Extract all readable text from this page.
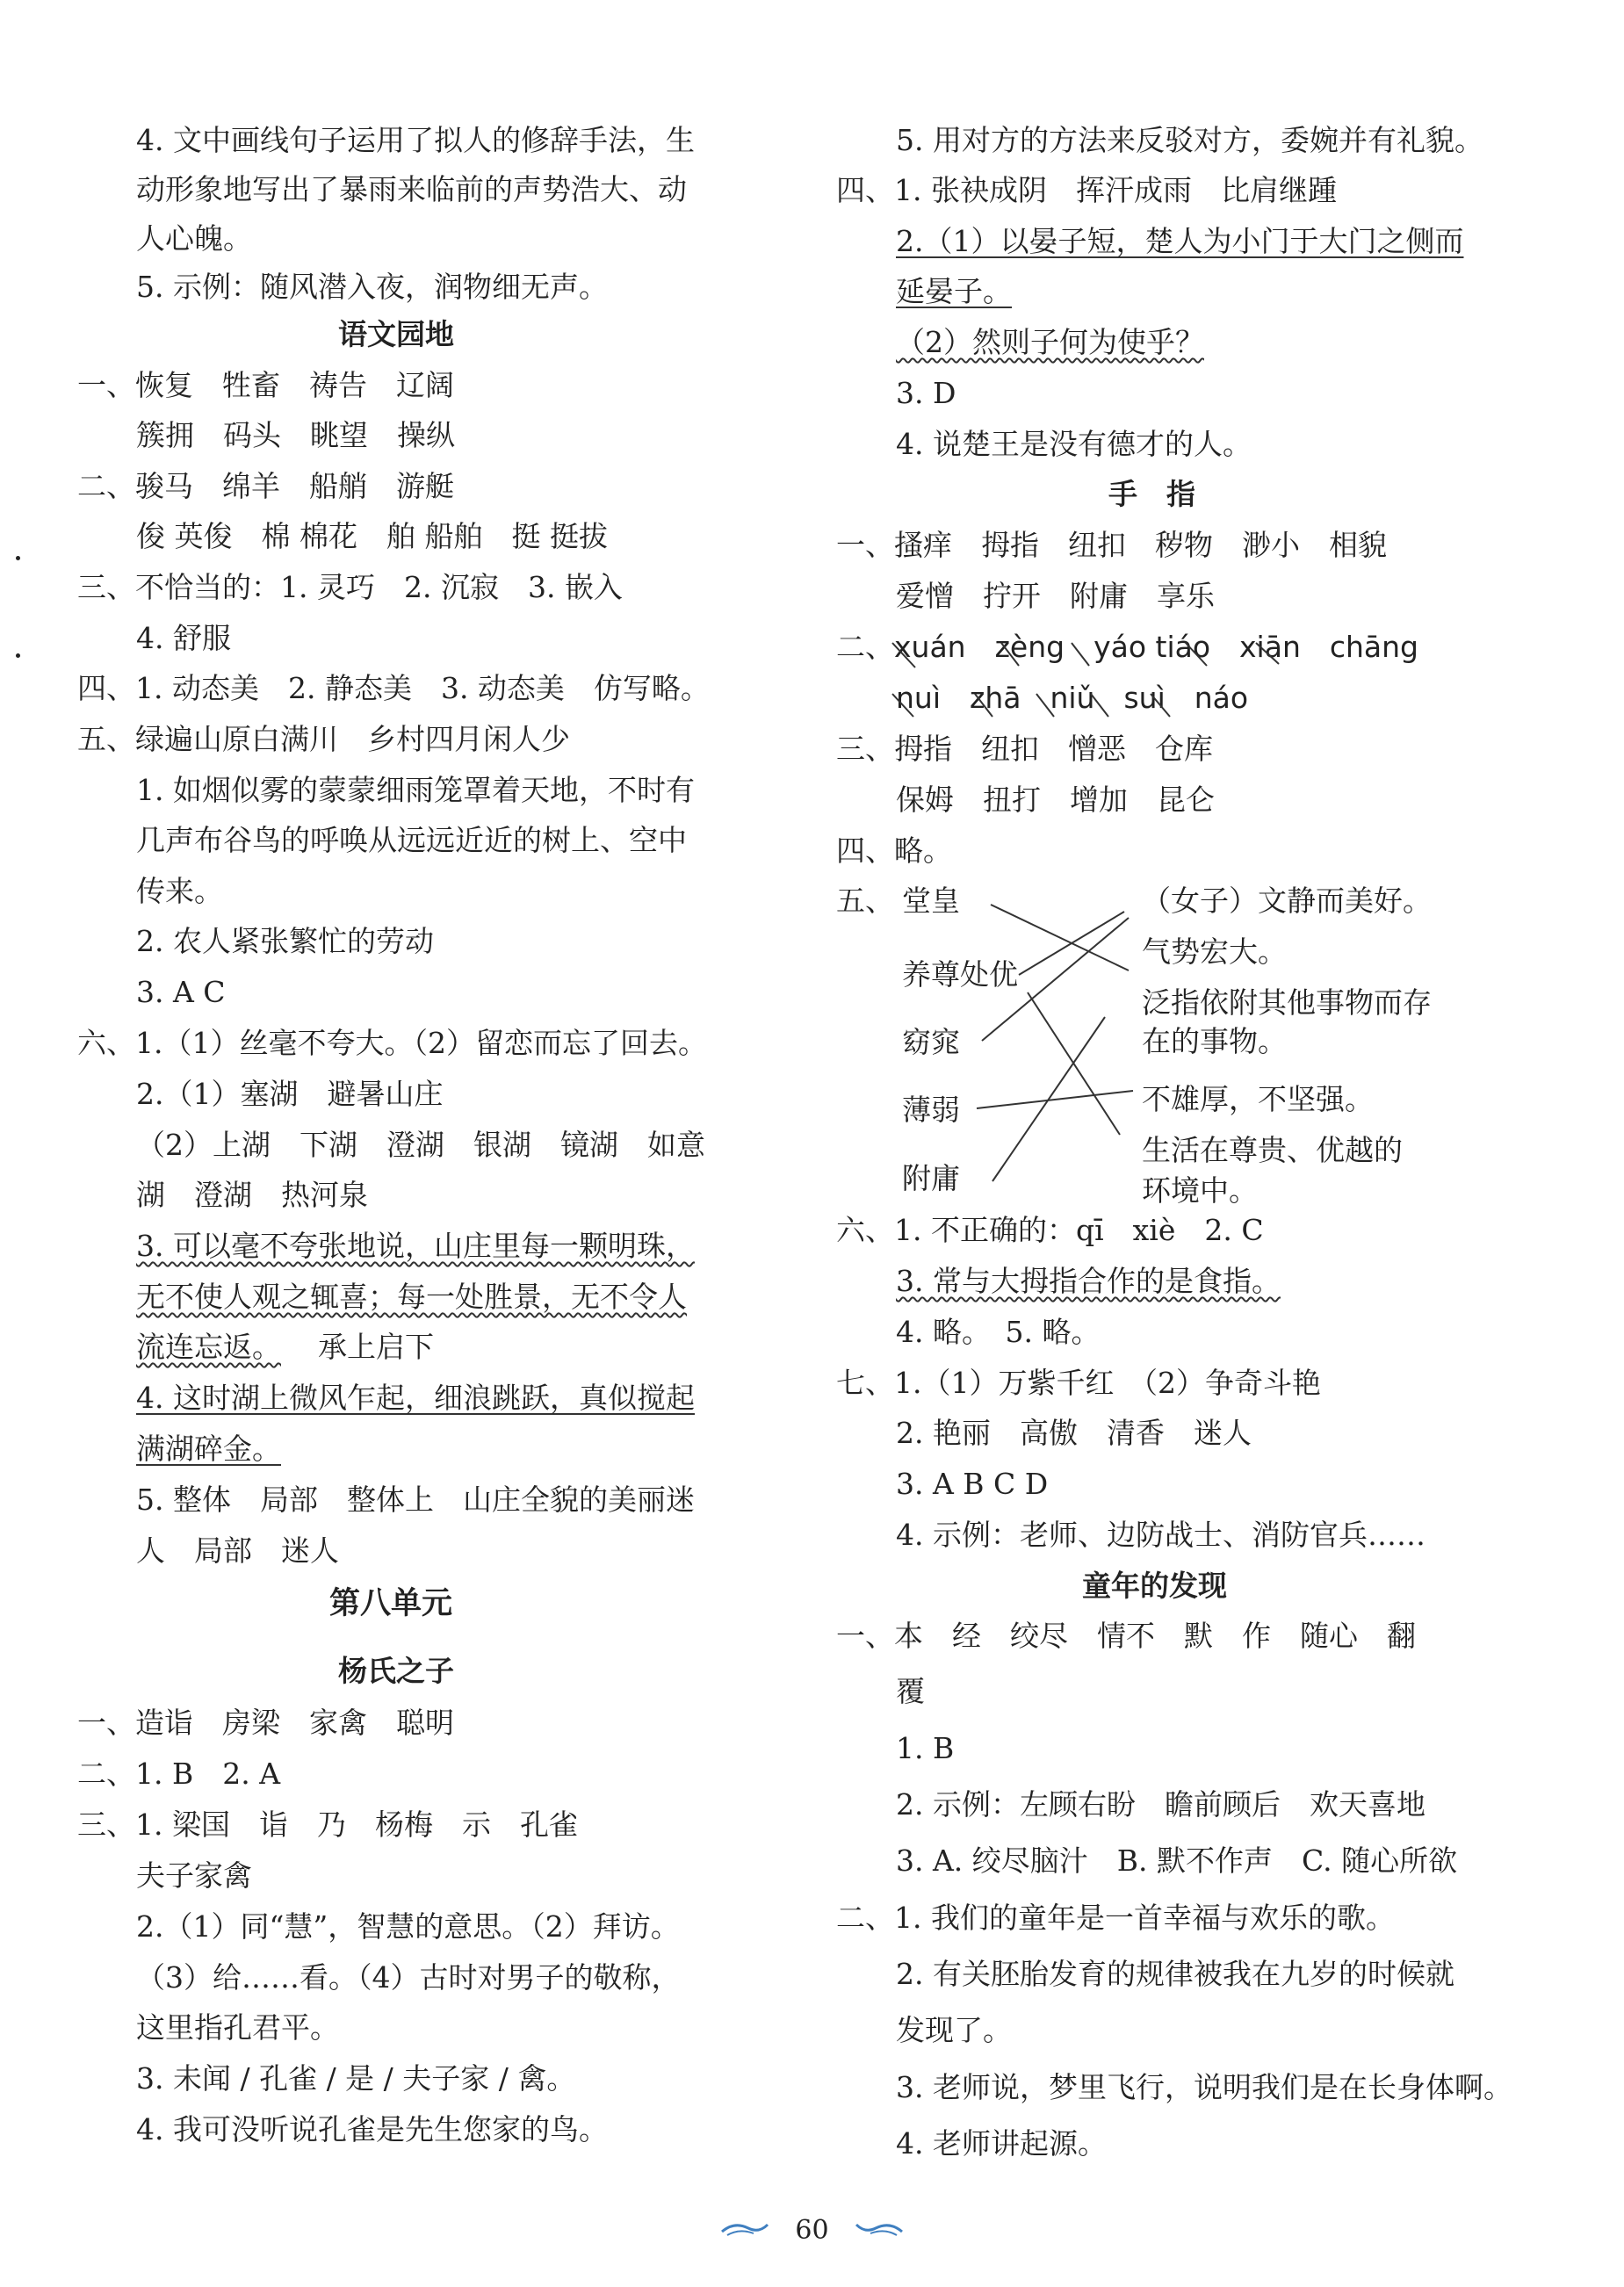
4. 文中画线句子运用了拟人的修辞手法，生
动形象地写出了暴雨来临前的声势浩大、动
人心魄。
5. 示例：随风潜入夜，润物细无声。
语文园地
一、恢复　牲畜　祷告　辽阔
簇拥　码头　眺望　操纵
二、骏马　绵羊　船艄　游艇
俊 英俊　棉 棉花　舶 船舶　挺 挺拔
三、不恰当的：1. 灵巧　2. 沉寂　3. 嵌入
4. 舒服
四、1. 动态美　2. 静态美　3. 动态美　仿写略。
五、绿遍山原白满川　乡村四月闲人少
1. 如烟似雾的蒙蒙细雨笼罩着天地，不时有
几声布谷鸟的呼唤从远远近近的树上、空中
传来。
2. 农人紧张繁忙的劳动
3. A C
六、1.（1）丝毫不夸大。（2）留恋而忘了回去。
2.（1）塞湖　避暑山庄
（2）上湖　下湖　澄湖　银湖　镜湖　如意
湖　澄湖　热河泉
3. 可以毫不夸张地说，山庄里每一颗明珠，
无不使人观之辄喜；每一处胜景，无不令人
流连忘返。 承上启下
4. 这时湖上微风乍起，细浪跳跃，真似搅起
满湖碎金。
5. 整体　局部　整体上　山庄全貌的美丽迷
人　局部　迷人
第八单元
杨氏之子
一、造诣　房梁　家禽　聪明
二、1. B　2. A
三、1. 梁国　诣　乃　杨梅　示　孔雀
夫子家禽
2.（1）同“慧”，智慧的意思。（2）拜访。
（3）给……看。（4）古时对男子的敬称，
这里指孔君平。
3. 未闻 / 孔雀 / 是 / 夫子家 / 禽。
4. 我可没听说孔雀是先生您家的鸟。
5. 用对方的方法来反驳对方，委婉并有礼貌。
四、1. 张袂成阴　挥汗成雨　比肩继踵
2.（1）以晏子短，楚人为小门于大门之侧而
延晏子。
（2）然则子何为使乎？
3. D
4. 说楚王是没有德才的人。
手　指
一、搔痒　拇指　纽扣　秽物　渺小　相貌
爱憎　拧开　附庸　享乐
二、xuán　zèng　yáo tiáo　xiān　chāng
nuì　zhā　niǔ　suì　náo
三、拇指　纽扣　憎恶　仓库
保姆　扭打　增加　昆仑
四、略。
五、 堂皇
养尊处优
窈窕
薄弱
附庸
（女子）文静而美好。
气势宏大。
泛指依附其他事物而存
在的事物。
不雄厚，不坚强。
生活在尊贵、优越的
环境中。
六、1. 不正确的：qī　xiè　2. C
3. 常与大拇指合作的是食指。
4. 略。　5. 略。
七、1.（1）万紫千红　（2）争奇斗艳
2. 艳丽　高傲　清香　迷人
3. A B C D
4. 示例：老师、边防战士、消防官兵……
童年的发现
一、本　经　绞尽　情不　默　作　随心　翻
覆
1. B
2. 示例：左顾右盼　瞻前顾后　欢天喜地
3. A. 绞尽脑汁　B. 默不作声　C. 随心所欲
二、1. 我们的童年是一首幸福与欢乐的歌。
2. 有关胚胎发育的规律被我在九岁的时候就
发现了。
3. 老师说，梦里飞行，说明我们是在长身体啊。
4. 老师讲起源。
60
